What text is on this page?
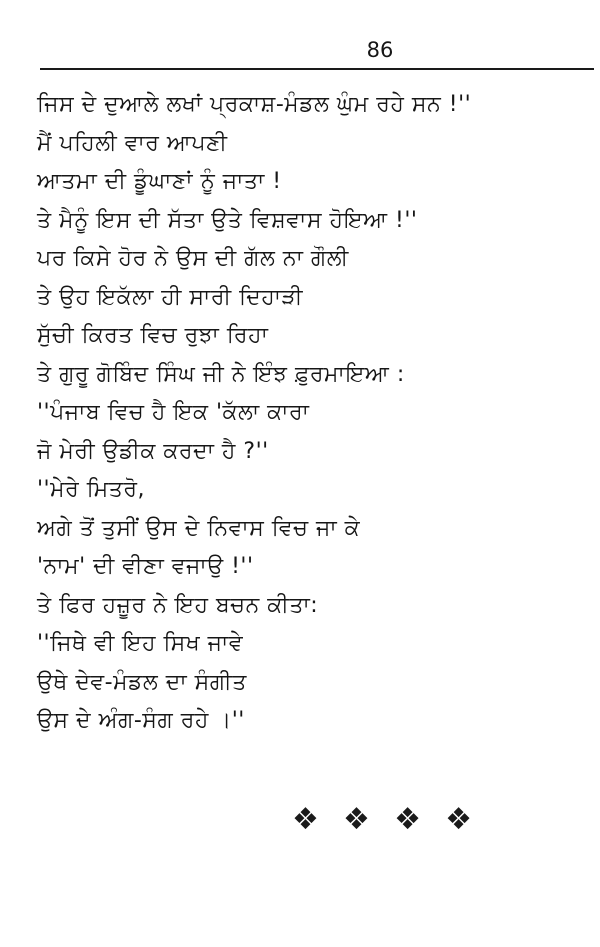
86
ਜਿਸ ਦੇ ਦੁਆਲੇ ਲਖਾਂ ਪ੍ਰਕਾਸ਼-ਮੰਡਲ ਘੁੰਮ ਰਹੇ ਸਨ !''
ਮੈਂ ਪਹਿਲੀ ਵਾਰ ਆਪਣੀ
ਆਤਮਾ ਦੀ ਡੂੰਘਾਣਾਂ ਨੂੰ ਜਾਤਾ !
ਤੇ ਮੈਨੂੰ ਇਸ ਦੀ ਸੱਤਾ ਉਤੇ ਵਿਸ਼ਵਾਸ ਹੋਇਆ !''
ਪਰ ਕਿਸੇ ਹੋਰ ਨੇ ਉਸ ਦੀ ਗੱਲ ਨਾ ਗੌਲੀ
ਤੇ ਉਹ ਇਕੱਲਾ ਹੀ ਸਾਰੀ ਦਿਹਾੜੀ
ਸੁੱਚੀ ਕਿਰਤ ਵਿਚ ਰੁਝਾ ਰਿਹਾ
ਤੇ ਗੁਰੂ ਗੋਬਿੰਦ ਸਿੰਘ ਜੀ ਨੇ ਇੰਝ ਫ਼ੁਰਮਾਇਆ :
''ਪੰਜਾਬ ਵਿਚ ਹੈ ਇਕ 'ਕੱਲਾ ਕਾਰਾ
ਜੋ ਮੇਰੀ ਉਡੀਕ ਕਰਦਾ ਹੈ ?''
''ਮੇਰੇ ਮਿਤਰੋ,
ਅਗੇ ਤੋਂ ਤੁਸੀਂ ਉਸ ਦੇ ਨਿਵਾਸ ਵਿਚ ਜਾ ਕੇ
'ਨਾਮ' ਦੀ ਵੀਣਾ ਵਜਾਉ !''
ਤੇ ਫਿਰ ਹਜ਼ੂਰ ਨੇ ਇਹ ਬਚਨ ਕੀਤਾ:
''ਜਿਥੇ ਵੀ ਇਹ ਸਿਖ ਜਾਵੇ
ਉਥੇ ਦੇਵ-ਮੰਡਲ ਦਾ ਸੰਗੀਤ
ਉਸ ਦੇ ਅੰਗ-ਸੰਗ ਰਹੇ ।''
❖ ❖ ❖ ❖
